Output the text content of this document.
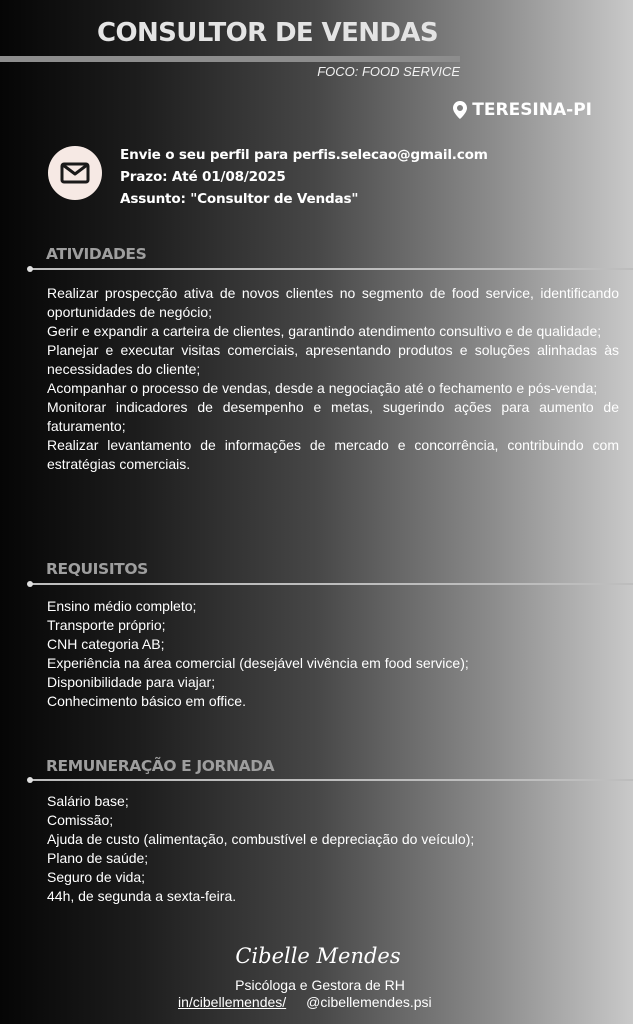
CONSULTOR DE VENDAS
FOCO: FOOD SERVICE
TERESINA-PI
Envie o seu perfil para perfis.selecao@gmail.com
Prazo: Até 01/08/2025
Assunto: "Consultor de Vendas"
ATIVIDADES
Realizar prospecção ativa de novos clientes no segmento de food service, identificando oportunidades de negócio;
Gerir e expandir a carteira de clientes, garantindo atendimento consultivo e de qualidade;
Planejar e executar visitas comerciais, apresentando produtos e soluções alinhadas às necessidades do cliente;
Acompanhar o processo de vendas, desde a negociação até o fechamento e pós-venda;
Monitorar indicadores de desempenho e metas, sugerindo ações para aumento de faturamento;
Realizar levantamento de informações de mercado e concorrência, contribuindo com estratégias comerciais.
REQUISITOS
Ensino médio completo;
Transporte próprio;
CNH categoria AB;
Experiência na área comercial (desejável vivência em food service);
Disponibilidade para viajar;
Conhecimento básico em office.
REMUNERAÇÃO E JORNADA
Salário base;
Comissão;
Ajuda de custo (alimentação, combustível e depreciação do veículo);
Plano de saúde;
Seguro de vida;
44h, de segunda a sexta-feira.
Cibelle Mendes
Psicóloga e Gestora de RH
in/cibellemendes/ @cibellemendes.psi
